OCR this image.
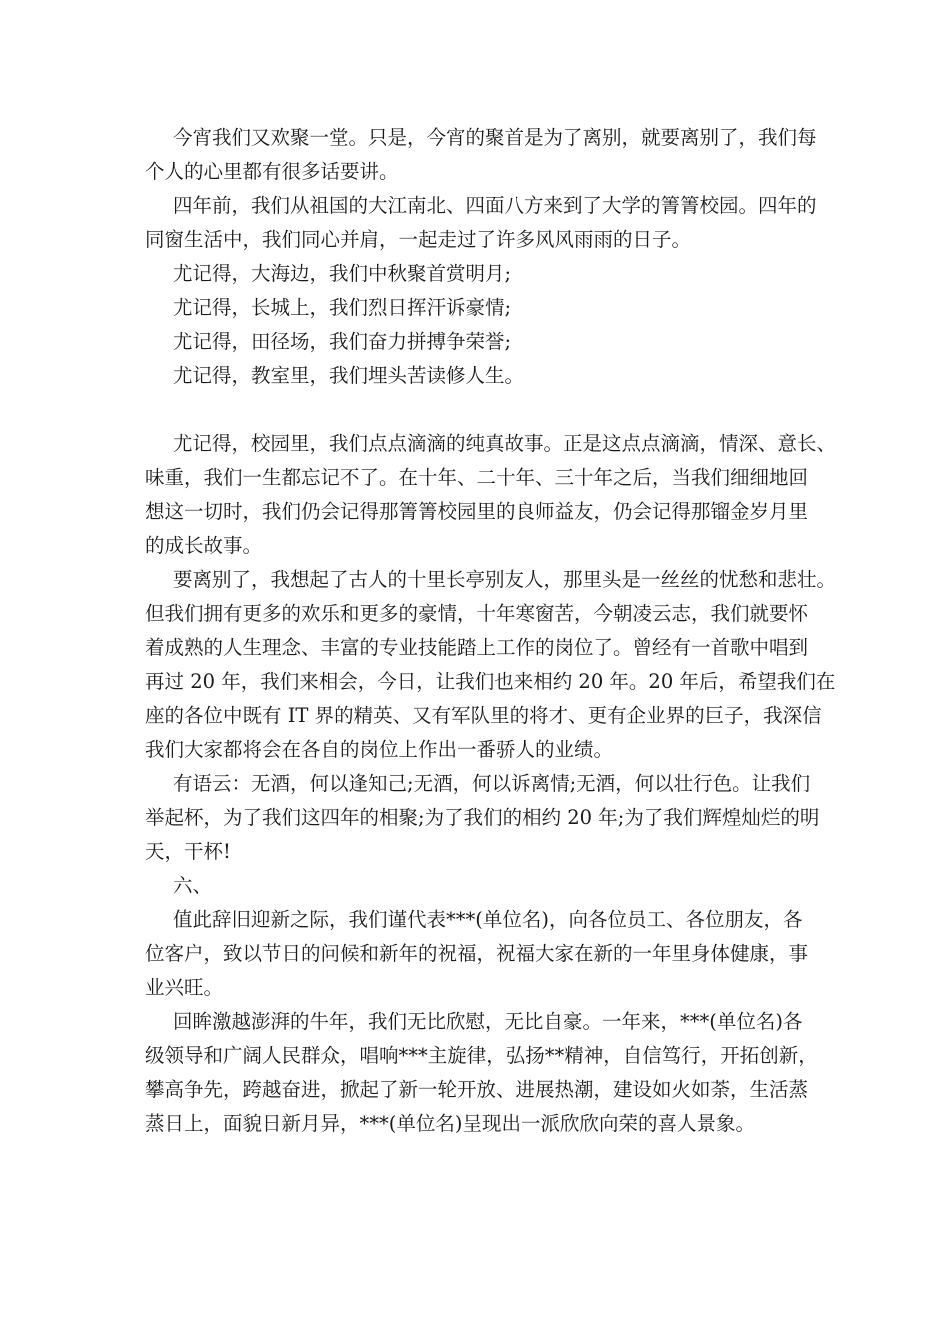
今宵我们又欢聚一堂。只是，今宵的聚首是为了离别，就要离别了，我们每
个人的心里都有很多话要讲。

四年前，我们从祖国的大江南北、四面八方来到了大学的箐箐校园。四年的
同窗生活中，我们同心并肩，一起走过了许多风风雨雨的日子。

尤记得，大海边，我们中秋聚首赏明月;

尤记得，长城上，我们烈日挥汗诉豪情;

尤记得，田径场，我们奋力拼搏争荣誉;

尤记得，教室里，我们埋头苦读修人生。

尤记得，校园里，我们点点滴滴的纯真故事。正是这点点滴滴，情深、意长、
味重，我们一生都忘记不了。在十年、二十年、三十年之后，当我们细细地回
想这一切时，我们仍会记得那箐箐校园里的良师益友，仍会记得那镏金岁月里
的成长故事。

要离别了，我想起了古人的十里长亭别友人，那里头是一丝丝的忧愁和悲壮。
但我们拥有更多的欢乐和更多的豪情，十年寒窗苦，今朝凌云志，我们就要怀
着成熟的人生理念、丰富的专业技能踏上工作的岗位了。曾经有一首歌中唱到
再过 20 年，我们来相会，今日，让我们也来相约 20 年。20 年后，希望我们在
座的各位中既有 IT 界的精英、又有军队里的将才、更有企业界的巨子，我深信
我们大家都将会在各自的岗位上作出一番骄人的业绩。

有语云：无酒，何以逢知己;无酒，何以诉离情;无酒，何以壮行色。让我们
举起杯，为了我们这四年的相聚;为了我们的相约 20 年;为了我们辉煌灿烂的明
天，干杯!

六、

值此辞旧迎新之际，我们谨代表***(单位名)，向各位员工、各位朋友，各
位客户，致以节日的问候和新年的祝福，祝福大家在新的一年里身体健康，事
业兴旺。

回眸激越澎湃的牛年，我们无比欣慰，无比自豪。一年来，***(单位名)各
级领导和广阔人民群众，唱响***主旋律，弘扬**精神，自信笃行，开拓创新，
攀高争先，跨越奋进，掀起了新一轮开放、进展热潮，建设如火如荼，生活蒸
蒸日上，面貌日新月异，***(单位名)呈现出一派欣欣向荣的喜人景象。
